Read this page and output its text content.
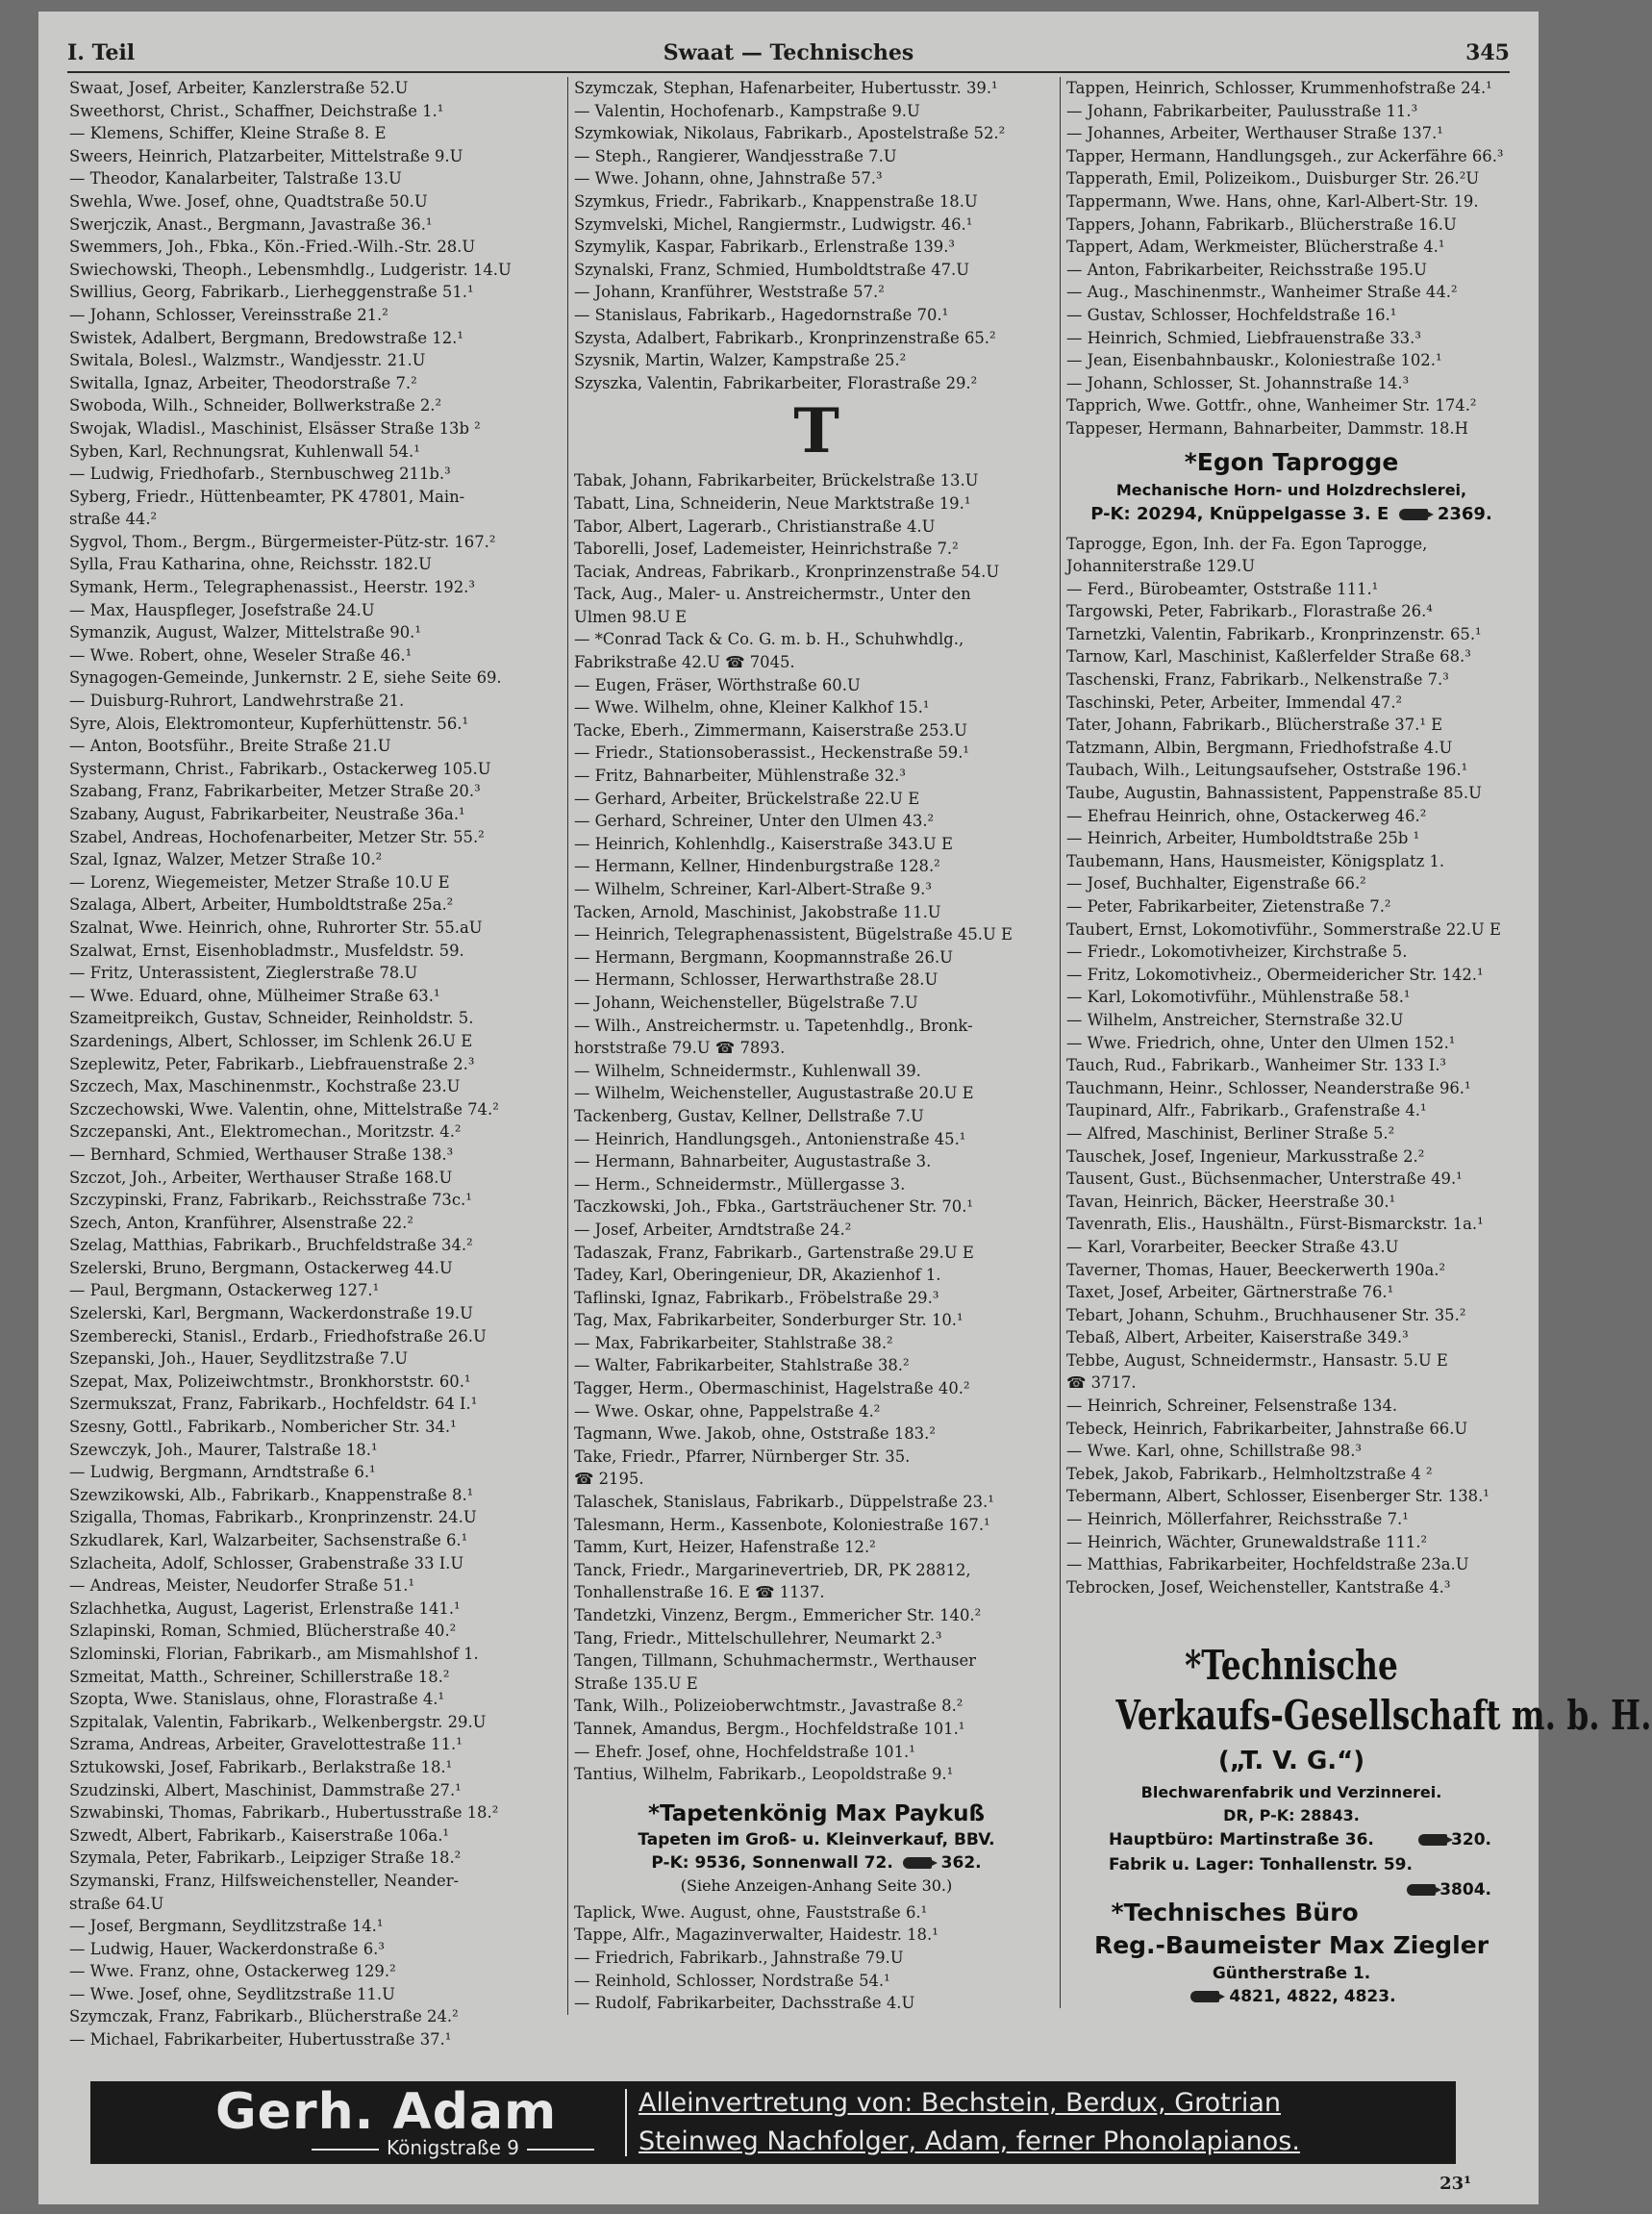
I. Teil	Swaat — Technisches	345
Swaat, Josef, Arbeiter, Kanzlerstraße 52.U
Sweethorst, Christ., Schaffner, Deichstraße 1.¹
— Klemens, Schiffer, Kleine Straße 8. E
Sweers, Heinrich, Platzarbeiter, Mittelstraße 9.U
— Theodor, Kanalarbeiter, Talstraße 13.U
Swehla, Wwe. Josef, ohne, Quadtstraße 50.U
Swerjczik, Anast., Bergmann, Javastraße 36.¹
Swemmers, Joh., Fbka., Kön.-Fried.-Wilh.-Str. 28.U
Swiechowski, Theoph., Lebensmhdlg., Ludgeristr. 14.U
Swillius, Georg, Fabrikarb., Lierheggenstraße 51.¹
— Johann, Schlosser, Vereinsstraße 21.²
Swistek, Adalbert, Bergmann, Bredowstraße 12.¹
Switala, Bolesl., Walzmstr., Wandjesstr. 21.U
Switalla, Ignaz, Arbeiter, Theodorstraße 7.²
Swoboda, Wilh., Schneider, Bollwerkstraße 2.²
Swojak, Wladisl., Maschinist, Elsässer Straße 13b ²
Syben, Karl, Rechnungsrat, Kuhlenwall 54.¹
— Ludwig, Friedhofarb., Sternbuschweg 211b.³
Syberg, Friedr., Hüttenbeamter, PK 47801, Main-
straße 44.²
Sygvol, Thom., Bergm., Bürgermeister-Pütz-str. 167.²
Sylla, Frau Katharina, ohne, Reichsstr. 182.U
Symank, Herm., Telegraphenassist., Heerstr. 192.³
— Max, Hauspfleger, Josefstraße 24.U
Symanzik, August, Walzer, Mittelstraße 90.¹
— Wwe. Robert, ohne, Weseler Straße 46.¹
Synagogen-Gemeinde, Junkernstr. 2 E, siehe Seite 69.
— Duisburg-Ruhrort, Landwehrstraße 21.
Syre, Alois, Elektromonteur, Kupferhüttenstr. 56.¹
— Anton, Bootsführ., Breite Straße 21.U
Systermann, Christ., Fabrikarb., Ostackerweg 105.U
Szabang, Franz, Fabrikarbeiter, Metzer Straße 20.³
Szabany, August, Fabrikarbeiter, Neustraße 36a.¹
Szabel, Andreas, Hochofenarbeiter, Metzer Str. 55.²
Szal, Ignaz, Walzer, Metzer Straße 10.²
— Lorenz, Wiegemeister, Metzer Straße 10.U E
Szalaga, Albert, Arbeiter, Humboldtstraße 25a.²
Szalnat, Wwe. Heinrich, ohne, Ruhrorter Str. 55.aU
Szalwat, Ernst, Eisenhobladmstr., Musfeldstr. 59.
— Fritz, Unterassistent, Zieglerstraße 78.U
— Wwe. Eduard, ohne, Mülheimer Straße 63.¹
Szameitpreikch, Gustav, Schneider, Reinholdstr. 5.
Szardenings, Albert, Schlosser, im Schlenk 26.U E
Szeplewitz, Peter, Fabrikarb., Liebfrauenstraße 2.³
Szczech, Max, Maschinenmstr., Kochstraße 23.U
Szczechowski, Wwe. Valentin, ohne, Mittelstraße 74.²
Szczepanski, Ant., Elektromechan., Moritzstr. 4.²
— Bernhard, Schmied, Werthauser Straße 138.³
Szczot, Joh., Arbeiter, Werthauser Straße 168.U
Szczypinski, Franz, Fabrikarb., Reichsstraße 73c.¹
Szech, Anton, Kranführer, Alsenstraße 22.²
Szelag, Matthias, Fabrikarb., Bruchfeldstraße 34.²
Szelerski, Bruno, Bergmann, Ostackerweg 44.U
— Paul, Bergmann, Ostackerweg 127.¹
Szelerski, Karl, Bergmann, Wackerdonstraße 19.U
Szemberecki, Stanisl., Erdarb., Friedhofstraße 26.U
Szepanski, Joh., Hauer, Seydlitzstraße 7.U
Szepat, Max, Polizeiwchtmstr., Bronkhorststr. 60.¹
Szermukszat, Franz, Fabrikarb., Hochfeldstr. 64 I.¹
Szesny, Gottl., Fabrikarb., Nombericher Str. 34.¹
Szewczyk, Joh., Maurer, Talstraße 18.¹
— Ludwig, Bergmann, Arndtstraße 6.¹
Szewzikowski, Alb., Fabrikarb., Knappenstraße 8.¹
Szigalla, Thomas, Fabrikarb., Kronprinzenstr. 24.U
Szkudlarek, Karl, Walzarbeiter, Sachsenstraße 6.¹
Szlacheita, Adolf, Schlosser, Grabenstraße 33 I.U
— Andreas, Meister, Neudorfer Straße 51.¹
Szlachhetka, August, Lagerist, Erlenstraße 141.¹
Szlapinski, Roman, Schmied, Blücherstraße 40.²
Szlominski, Florian, Fabrikarb., am Mismahlshof 1.
Szmeitat, Matth., Schreiner, Schillerstraße 18.²
Szopta, Wwe. Stanislaus, ohne, Florastraße 4.¹
Szpitalak, Valentin, Fabrikarb., Welkenbergstr. 29.U
Szrama, Andreas, Arbeiter, Gravelottestraße 11.¹
Sztukowski, Josef, Fabrikarb., Berlakstraße 18.¹
Szudzinski, Albert, Maschinist, Dammstraße 27.¹
Szwabinski, Thomas, Fabrikarb., Hubertusstraße 18.²
Szwedt, Albert, Fabrikarb., Kaiserstraße 106a.¹
Szymala, Peter, Fabrikarb., Leipziger Straße 18.²
Szymanski, Franz, Hilfsweichensteller, Neander-
straße 64.U
— Josef, Bergmann, Seydlitzstraße 14.¹
— Ludwig, Hauer, Wackerdonstraße 6.³
— Wwe. Franz, ohne, Ostackerweg 129.²
— Wwe. Josef, ohne, Seydlitzstraße 11.U
Szymczak, Franz, Fabrikarb., Blücherstraße 24.²
— Michael, Fabrikarbeiter, Hubertusstraße 37.¹
Szymczak, Stephan, Hafenarbeiter, Hubertusstr. 39.¹
— Valentin, Hochofenarb., Kampstraße 9.U
Szymkowiak, Nikolaus, Fabrikarb., Apostelstraße 52.²
— Steph., Rangierer, Wandjesstraße 7.U
— Wwe. Johann, ohne, Jahnstraße 57.³
Szymkus, Friedr., Fabrikarb., Knappenstraße 18.U
Szymvelski, Michel, Rangiermstr., Ludwigstr. 46.¹
Szymylik, Kaspar, Fabrikarb., Erlenstraße 139.³
Szynalski, Franz, Schmied, Humboldtstraße 47.U
— Johann, Kranführer, Weststraße 57.²
— Stanislaus, Fabrikarb., Hagedornstraße 70.¹
Szysta, Adalbert, Fabrikarb., Kronprinzenstraße 65.²
Szysnik, Martin, Walzer, Kampstraße 25.²
Szyszka, Valentin, Fabrikarbeiter, Florastraße 29.²
T
Tabak, Johann, Fabrikarbeiter, Brückelstraße 13.U
Tabatt, Lina, Schneiderin, Neue Marktstraße 19.¹
Tabor, Albert, Lagerarb., Christianstraße 4.U
Taborelli, Josef, Lademeister, Heinrichstraße 7.²
Taciak, Andreas, Fabrikarb., Kronprinzenstraße 54.U
Tack, Aug., Maler- u. Anstreichermstr., Unter den
Ulmen 98.U E
— *Conrad Tack & Co. G. m. b. H., Schuhwhdlg.,
Fabrikstraße 42.U ☎ 7045.
— Eugen, Fräser, Wörthstraße 60.U
— Wwe. Wilhelm, ohne, Kleiner Kalkhof 15.¹
Tacke, Eberh., Zimmermann, Kaiserstraße 253.U
— Friedr., Stationsoberassist., Heckenstraße 59.¹
— Fritz, Bahnarbeiter, Mühlenstraße 32.³
— Gerhard, Arbeiter, Brückelstraße 22.U E
— Gerhard, Schreiner, Unter den Ulmen 43.²
— Heinrich, Kohlenhdlg., Kaiserstraße 343.U E
— Hermann, Kellner, Hindenburgstraße 128.²
— Wilhelm, Schreiner, Karl-Albert-Straße 9.³
Tacken, Arnold, Maschinist, Jakobstraße 11.U
— Heinrich, Telegraphenassistent, Bügelstraße 45.U E
— Hermann, Bergmann, Koopmannstraße 26.U
— Hermann, Schlosser, Herwarthstraße 28.U
— Johann, Weichensteller, Bügelstraße 7.U
— Wilh., Anstreichermstr. u. Tapetenhdlg., Bronk-
horststraße 79.U ☎ 7893.
— Wilhelm, Schneidermstr., Kuhlenwall 39.
— Wilhelm, Weichensteller, Augustastraße 20.U E
Tackenberg, Gustav, Kellner, Dellstraße 7.U
— Heinrich, Handlungsgeh., Antonienstraße 45.¹
— Hermann, Bahnarbeiter, Augustastraße 3.
— Herm., Schneidermstr., Müllergasse 3.
Taczkowski, Joh., Fbka., Gartsträuchener Str. 70.¹
— Josef, Arbeiter, Arndtstraße 24.²
Tadaszak, Franz, Fabrikarb., Gartenstraße 29.U E
Tadey, Karl, Oberingenieur, DR, Akazienhof 1.
Taflinski, Ignaz, Fabrikarb., Fröbelstraße 29.³
Tag, Max, Fabrikarbeiter, Sonderburger Str. 10.¹
— Max, Fabrikarbeiter, Stahlstraße 38.²
— Walter, Fabrikarbeiter, Stahlstraße 38.²
Tagger, Herm., Obermaschinist, Hagelstraße 40.²
— Wwe. Oskar, ohne, Pappelstraße 4.²
Tagmann, Wwe. Jakob, ohne, Oststraße 183.²
Take, Friedr., Pfarrer, Nürnberger Str. 35.
☎ 2195.
Talaschek, Stanislaus, Fabrikarb., Düppelstraße 23.¹
Talesmann, Herm., Kassenbote, Koloniestraße 167.¹
Tamm, Kurt, Heizer, Hafenstraße 12.²
Tanck, Friedr., Margarinevertrieb, DR, PK 28812,
Tonhallenstraße 16. E ☎ 1137.
Tandetzki, Vinzenz, Bergm., Emmericher Str. 140.²
Tang, Friedr., Mittelschullehrer, Neumarkt 2.³
Tangen, Tillmann, Schuhmachermstr., Werthauser
Straße 135.U E
Tank, Wilh., Polizeioberwchtmstr., Javastraße 8.²
Tannek, Amandus, Bergm., Hochfeldstraße 101.¹
— Ehefr. Josef, ohne, Hochfeldstraße 101.¹
Tantius, Wilhelm, Fabrikarb., Leopoldstraße 9.¹
*Tapetenkönig Max Paykuß
Tapeten im Groß- u. Kleinverkauf, BBV.
P-K: 9536, Sonnenwall 72.	362.
(Siehe Anzeigen-Anhang Seite 30.)
Taplick, Wwe. August, ohne, Fauststraße 6.¹
Tappe, Alfr., Magazinverwalter, Haidestr. 18.¹
— Friedrich, Fabrikarb., Jahnstraße 79.U
— Reinhold, Schlosser, Nordstraße 54.¹
— Rudolf, Fabrikarbeiter, Dachsstraße 4.U
Tappen, Heinrich, Schlosser, Krummenhofstraße 24.¹
— Johann, Fabrikarbeiter, Paulusstraße 11.³
— Johannes, Arbeiter, Werthauser Straße 137.¹
Tapper, Hermann, Handlungsgeh., zur Ackerfähre 66.³
Tapperath, Emil, Polizeikom., Duisburger Str. 26.²U
Tappermann, Wwe. Hans, ohne, Karl-Albert-Str. 19.
Tappers, Johann, Fabrikarb., Blücherstraße 16.U
Tappert, Adam, Werkmeister, Blücherstraße 4.¹
— Anton, Fabrikarbeiter, Reichsstraße 195.U
— Aug., Maschinenmstr., Wanheimer Straße 44.²
— Gustav, Schlosser, Hochfeldstraße 16.¹
— Heinrich, Schmied, Liebfrauenstraße 33.³
— Jean, Eisenbahnbauskr., Koloniestraße 102.¹
— Johann, Schlosser, St. Johannstraße 14.³
Tapprich, Wwe. Gottfr., ohne, Wanheimer Str. 174.²
Tappeser, Hermann, Bahnarbeiter, Dammstr. 18.H
*Egon Taprogge
Mechanische Horn- und Holzdrechslerei,
P-K: 20294, Knüppelgasse 3. E	2369.
Taprogge, Egon, Inh. der Fa. Egon Taprogge,
Johanniterstraße 129.U
— Ferd., Bürobeamter, Oststraße 111.¹
Targowski, Peter, Fabrikarb., Florastraße 26.⁴
Tarnetzki, Valentin, Fabrikarb., Kronprinzenstr. 65.¹
Tarnow, Karl, Maschinist, Kaßlerfelder Straße 68.³
Taschenski, Franz, Fabrikarb., Nelkenstraße 7.³
Taschinski, Peter, Arbeiter, Immendal 47.²
Tater, Johann, Fabrikarb., Blücherstraße 37.¹ E
Tatzmann, Albin, Bergmann, Friedhofstraße 4.U
Taubach, Wilh., Leitungsaufseher, Oststraße 196.¹
Taube, Augustin, Bahnassistent, Pappenstraße 85.U
— Ehefrau Heinrich, ohne, Ostackerweg 46.²
— Heinrich, Arbeiter, Humboldtstraße 25b ¹
Taubemann, Hans, Hausmeister, Königsplatz 1.
— Josef, Buchhalter, Eigenstraße 66.²
— Peter, Fabrikarbeiter, Zietenstraße 7.²
Taubert, Ernst, Lokomotivführ., Sommerstraße 22.U E
— Friedr., Lokomotivheizer, Kirchstraße 5.
— Fritz, Lokomotivheiz., Obermeidericher Str. 142.¹
— Karl, Lokomotivführ., Mühlenstraße 58.¹
— Wilhelm, Anstreicher, Sternstraße 32.U
— Wwe. Friedrich, ohne, Unter den Ulmen 152.¹
Tauch, Rud., Fabrikarb., Wanheimer Str. 133 I.³
Tauchmann, Heinr., Schlosser, Neanderstraße 96.¹
Taupinard, Alfr., Fabrikarb., Grafenstraße 4.¹
— Alfred, Maschinist, Berliner Straße 5.²
Tauschek, Josef, Ingenieur, Markusstraße 2.²
Tausent, Gust., Büchsenmacher, Unterstraße 49.¹
Tavan, Heinrich, Bäcker, Heerstraße 30.¹
Tavenrath, Elis., Haushältn., Fürst-Bismarckstr. 1a.¹
— Karl, Vorarbeiter, Beecker Straße 43.U
Taverner, Thomas, Hauer, Beeckerwerth 190a.²
Taxet, Josef, Arbeiter, Gärtnerstraße 76.¹
Tebart, Johann, Schuhm., Bruchhausener Str. 35.²
Tebaß, Albert, Arbeiter, Kaiserstraße 349.³
Tebbe, August, Schneidermstr., Hansastr. 5.U E
☎ 3717.
— Heinrich, Schreiner, Felsenstraße 134.
Tebeck, Heinrich, Fabrikarbeiter, Jahnstraße 66.U
— Wwe. Karl, ohne, Schillstraße 98.³
Tebek, Jakob, Fabrikarb., Helmholtzstraße 4 ²
Tebermann, Albert, Schlosser, Eisenberger Str. 138.¹
— Heinrich, Möllerfahrer, Reichsstraße 7.¹
— Heinrich, Wächter, Grunewaldstraße 111.²
— Matthias, Fabrikarbeiter, Hochfeldstraße 23a.U
Tebrocken, Josef, Weichensteller, Kantstraße 4.³
*Technische
Verkaufs-Gesellschaft m. b. H.
(„T. V. G.“)
Blechwarenfabrik und Verzinnerei.
DR, P-K: 28843.
Hauptbüro: Martinstraße 36.	320.
Fabrik u. Lager: Tonhallenstr. 59.
3804.
*Technisches Büro
Reg.-Baumeister Max Ziegler
Güntherstraße 1.
4821, 4822, 4823.
Gerh. Adam
Königstraße 9
Alleinvertretung von: Bechstein, Berdux, Grotrian
Steinweg Nachfolger, Adam, ferner Phonolapianos.
23¹
